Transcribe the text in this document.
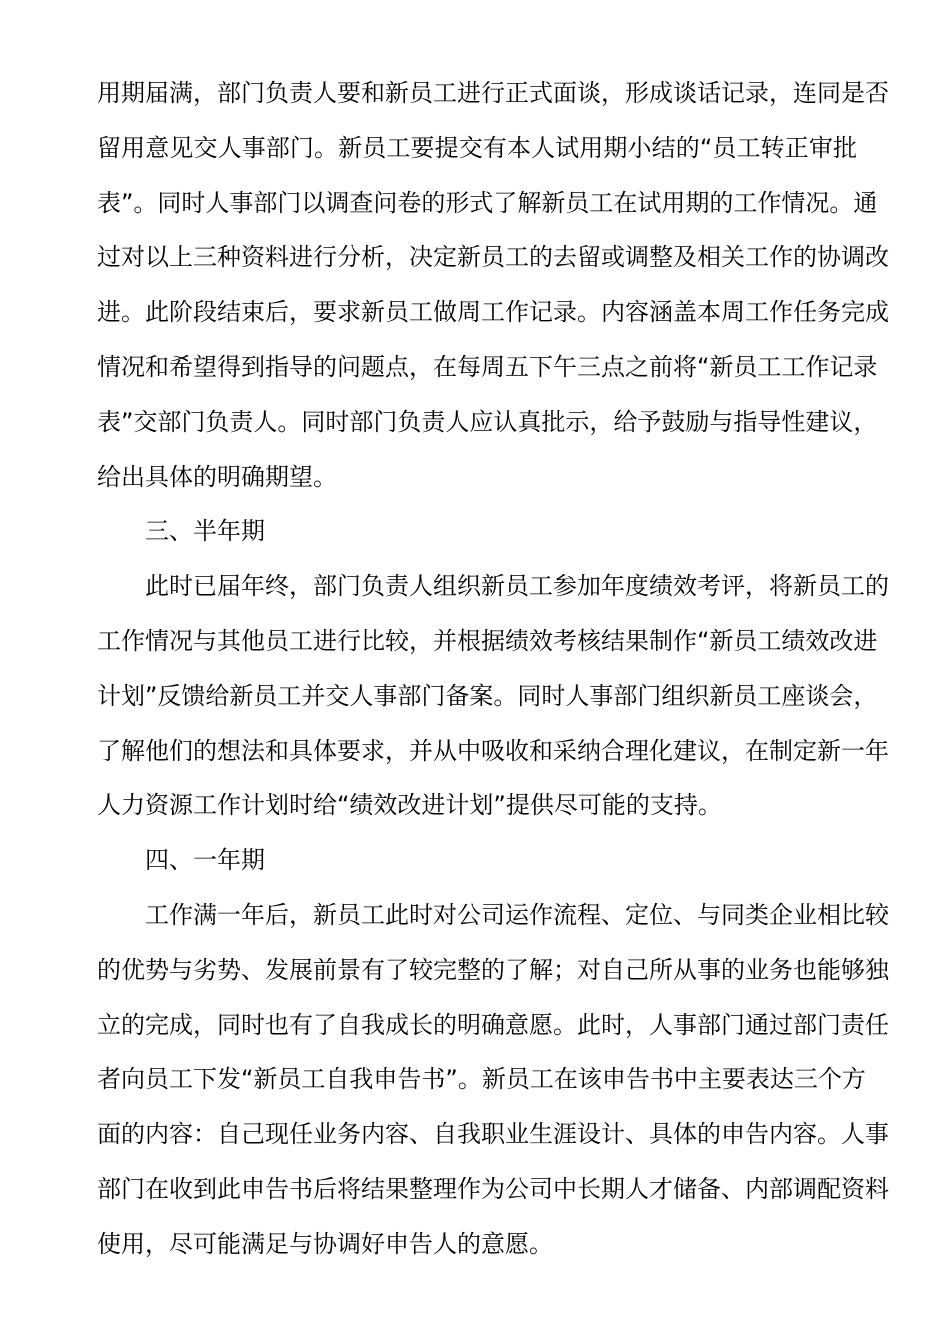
用期届满，部门负责人要和新员工进行正式面谈，形成谈话记录，连同是否
留用意见交人事部门。新员工要提交有本人试用期小结的“员工转正审批
表”。同时人事部门以调查问卷的形式了解新员工在试用期的工作情况。通
过对以上三种资料进行分析，决定新员工的去留或调整及相关工作的协调改
进。此阶段结束后，要求新员工做周工作记录。内容涵盖本周工作任务完成
情况和希望得到指导的问题点，在每周五下午三点之前将“新员工工作记录
表”交部门负责人。同时部门负责人应认真批示，给予鼓励与指导性建议，
给出具体的明确期望。
三、半年期
此时已届年终，部门负责人组织新员工参加年度绩效考评，将新员工的
工作情况与其他员工进行比较，并根据绩效考核结果制作“新员工绩效改进
计划”反馈给新员工并交人事部门备案。同时人事部门组织新员工座谈会，
了解他们的想法和具体要求，并从中吸收和采纳合理化建议，在制定新一年
人力资源工作计划时给“绩效改进计划”提供尽可能的支持。
四、一年期
工作满一年后，新员工此时对公司运作流程、定位、与同类企业相比较
的优势与劣势、发展前景有了较完整的了解；对自己所从事的业务也能够独
立的完成，同时也有了自我成长的明确意愿。此时，人事部门通过部门责任
者向员工下发“新员工自我申告书”。新员工在该申告书中主要表达三个方
面的内容：自己现任业务内容、自我职业生涯设计、具体的申告内容。人事
部门在收到此申告书后将结果整理作为公司中长期人才储备、内部调配资料
使用，尽可能满足与协调好申告人的意愿。
